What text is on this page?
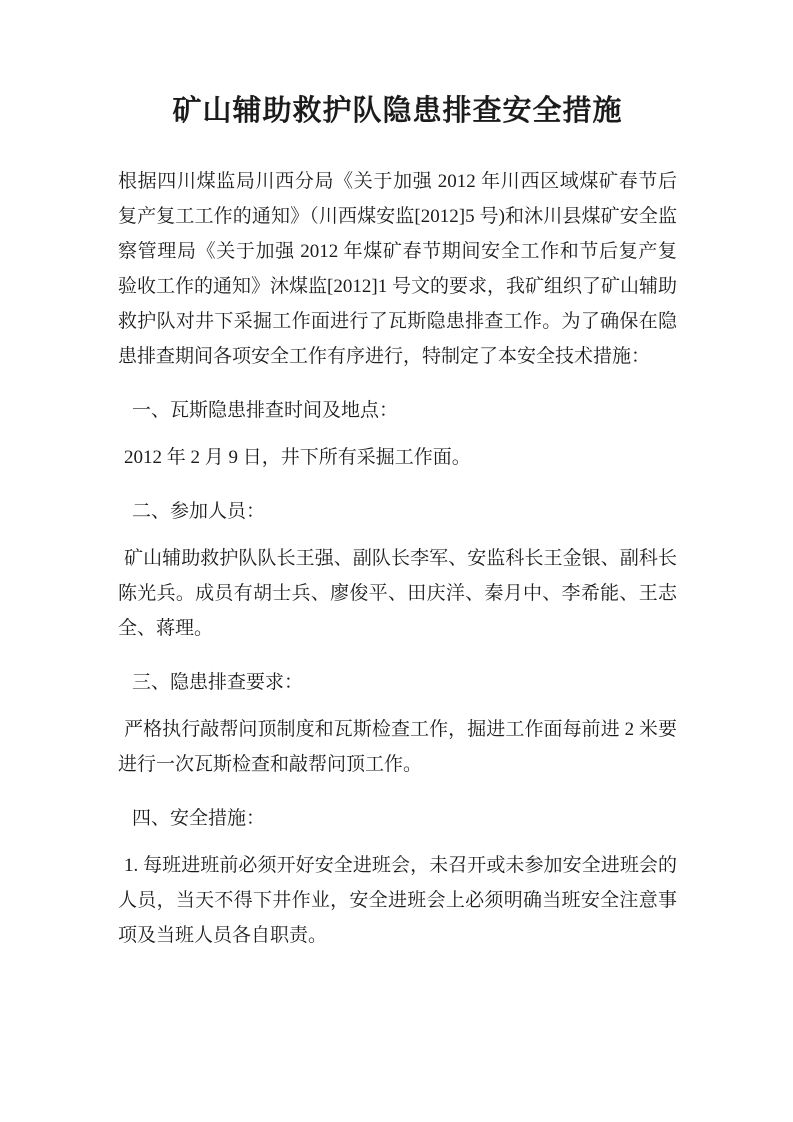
矿山辅助救护队隐患排查安全措施

根据四川煤监局川西分局《关于加强 2012 年川西区域煤矿春节后复产复工工作的通知》（川西煤安监[2012]5 号)和沐川县煤矿安全监察管理局《关于加强 2012 年煤矿春节期间安全工作和节后复产复验收工作的通知》沐煤监[2012]1 号文的要求，我矿组织了矿山辅助救护队对井下采掘工作面进行了瓦斯隐患排查工作。为了确保在隐患排查期间各项安全工作有序进行，特制定了本安全技术措施：

一、瓦斯隐患排查时间及地点：

2012 年 2 月 9 日，井下所有采掘工作面。

二、参加人员：

矿山辅助救护队队长王强、副队长李军、安监科长王金银、副科长陈光兵。成员有胡士兵、廖俊平、田庆洋、秦月中、李希能、王志全、蒋理。

三、隐患排查要求：

严格执行敲帮问顶制度和瓦斯检查工作，掘进工作面每前进 2 米要进行一次瓦斯检查和敲帮问顶工作。

四、安全措施：

1. 每班进班前必须开好安全进班会，未召开或未参加安全进班会的人员，当天不得下井作业，安全进班会上必须明确当班安全注意事项及当班人员各自职责。
